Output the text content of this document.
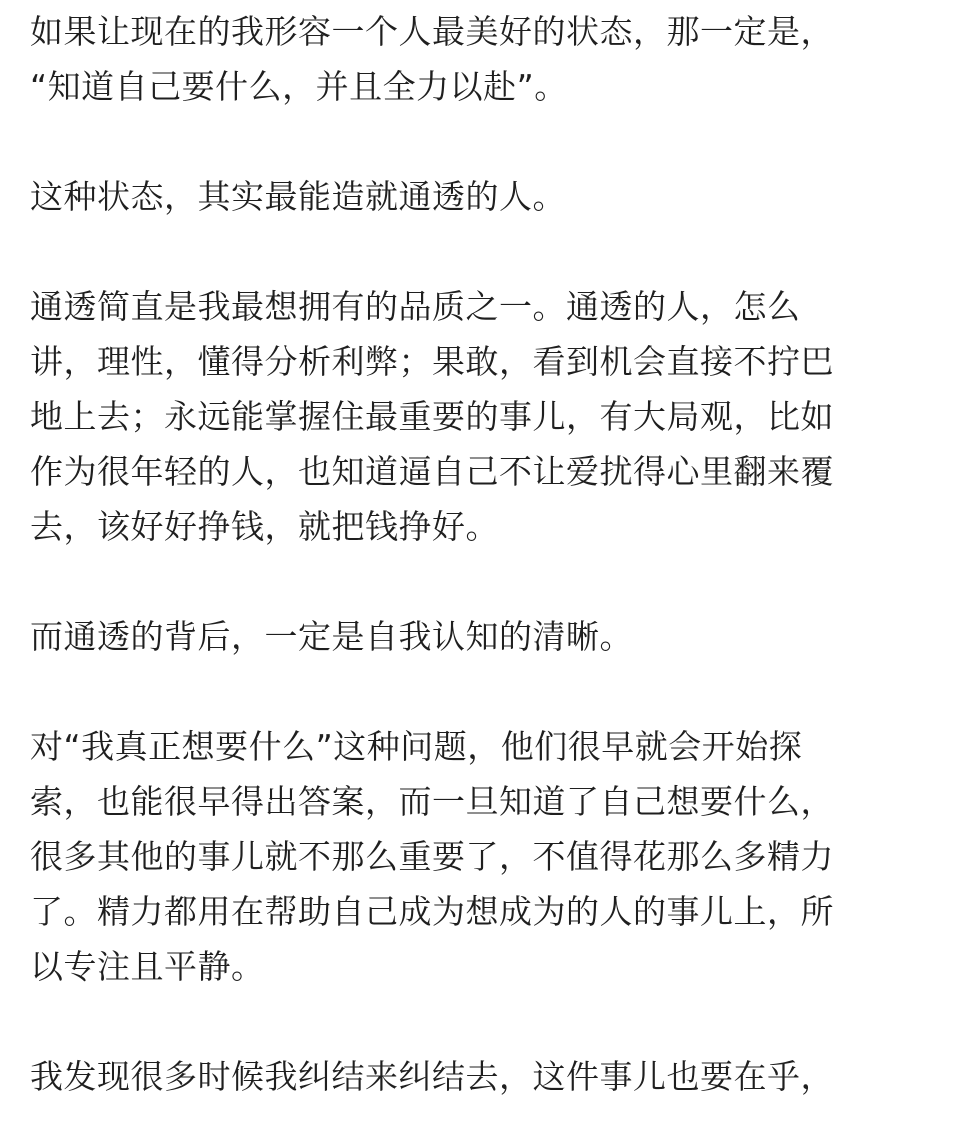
如果让现在的我形容一个人最美好的状态，那一定是，
“知道自己要什么，并且全力以赴”。
这种状态，其实最能造就通透的人。
通透简直是我最想拥有的品质之一。通透的人，怎么
讲，理性，懂得分析利弊；果敢，看到机会直接不拧巴
地上去；永远能掌握住最重要的事儿，有大局观，比如
作为很年轻的人，也知道逼自己不让爱扰得心里翻来覆
去，该好好挣钱，就把钱挣好。
而通透的背后，一定是自我认知的清晰。
对“我真正想要什么”这种问题，他们很早就会开始探
索，也能很早得出答案，而一旦知道了自己想要什么，
很多其他的事儿就不那么重要了，不值得花那么多精力
了。精力都用在帮助自己成为想成为的人的事儿上，所
以专注且平静。
我发现很多时候我纠结来纠结去，这件事儿也要在乎，
